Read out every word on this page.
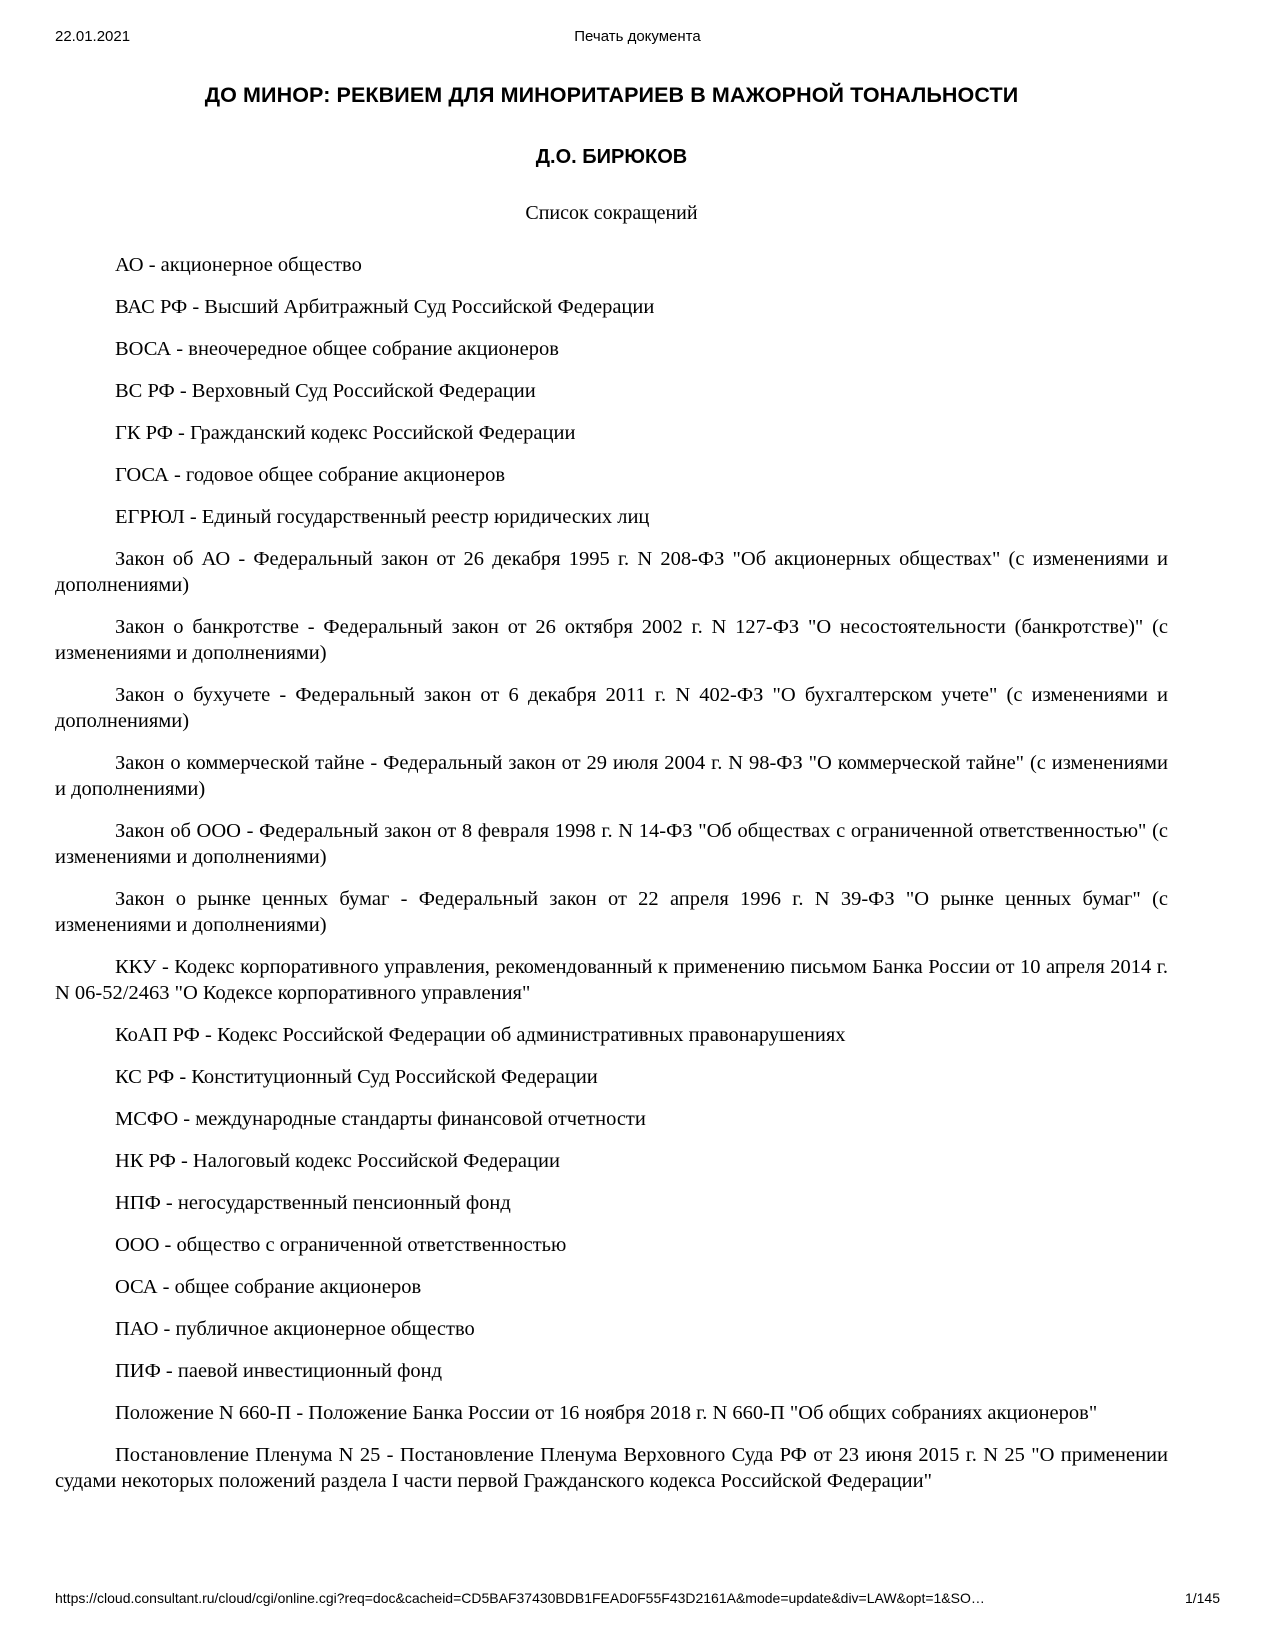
22.01.2021	Печать документа
ДО МИНОР: РЕКВИЕМ ДЛЯ МИНОРИТАРИЕВ В МАЖОРНОЙ ТОНАЛЬНОСТИ
Д.О. БИРЮКОВ
Список сокращений

АО - акционерное общество

ВАС РФ - Высший Арбитражный Суд Российской Федерации

ВОСА - внеочередное общее собрание акционеров

ВС РФ - Верховный Суд Российской Федерации

ГК РФ - Гражданский кодекс Российской Федерации

ГОСА - годовое общее собрание акционеров

ЕГРЮЛ - Единый государственный реестр юридических лиц

Закон об АО - Федеральный закон от 26 декабря 1995 г. N 208-ФЗ "Об акционерных обществах" (с изменениями и дополнениями)

Закон о банкротстве - Федеральный закон от 26 октября 2002 г. N 127-ФЗ "О несостоятельности (банкротстве)" (с изменениями и дополнениями)

Закон о бухучете - Федеральный закон от 6 декабря 2011 г. N 402-ФЗ "О бухгалтерском учете" (с изменениями и дополнениями)

Закон о коммерческой тайне - Федеральный закон от 29 июля 2004 г. N 98-ФЗ "О коммерческой тайне" (с изменениями и дополнениями)

Закон об ООО - Федеральный закон от 8 февраля 1998 г. N 14-ФЗ "Об обществах с ограниченной ответственностью" (с изменениями и дополнениями)

Закон о рынке ценных бумаг - Федеральный закон от 22 апреля 1996 г. N 39-ФЗ "О рынке ценных бумаг" (с изменениями и дополнениями)

ККУ - Кодекс корпоративного управления, рекомендованный к применению письмом Банка России от 10 апреля 2014 г. N 06-52/2463 "О Кодексе корпоративного управления"

КоАП РФ - Кодекс Российской Федерации об административных правонарушениях

КС РФ - Конституционный Суд Российской Федерации

МСФО - международные стандарты финансовой отчетности

НК РФ - Налоговый кодекс Российской Федерации

НПФ - негосударственный пенсионный фонд

ООО - общество с ограниченной ответственностью

ОСА - общее собрание акционеров

ПАО - публичное акционерное общество

ПИФ - паевой инвестиционный фонд

Положение N 660-П - Положение Банка России от 16 ноября 2018 г. N 660-П "Об общих собраниях акционеров"

Постановление Пленума N 25 - Постановление Пленума Верховного Суда РФ от 23 июня 2015 г. N 25 "О применении судами некоторых положений раздела I части первой Гражданского кодекса Российской Федерации"

https://cloud.consultant.ru/cloud/cgi/online.cgi?req=doc&cacheid=CD5BAF37430BDB1FEAD0F55F43D2161A&mode=update&div=LAW&opt=1&SO…	1/145
